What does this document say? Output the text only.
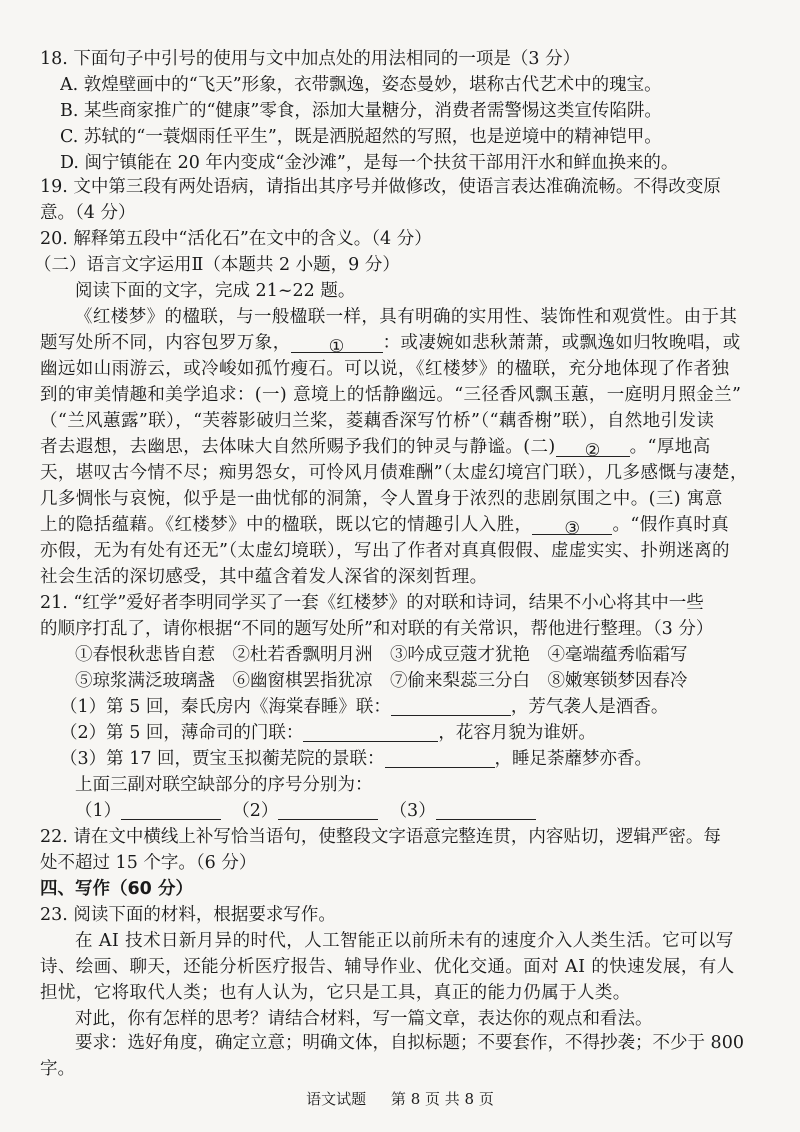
18. 下面句子中引号的使用与文中加点处的用法相同的一项是（3 分）
A. 敦煌壁画中的“飞天”形象，衣带飘逸，姿态曼妙，堪称古代艺术中的瑰宝。
B. 某些商家推广的“健康”零食，添加大量糖分，消费者需警惕这类宣传陷阱。
C. 苏轼的“一蓑烟雨任平生”，既是洒脱超然的写照，也是逆境中的精神铠甲。
D. 闽宁镇能在 20 年内变成“金沙滩”，是每一个扶贫干部用汗水和鲜血换来的。
19. 文中第三段有两处语病，请指出其序号并做修改，使语言表达准确流畅。不得改变原
意。（4 分）
20. 解释第五段中“活化石”在文中的含义。（4 分）
（二）语言文字运用Ⅱ（本题共 2 小题，9 分）
阅读下面的文字，完成 21~22 题。
《红楼梦》的楹联，与一般楹联一样，具有明确的实用性、装饰性和观赏性。由于其
题写处所不同，内容包罗万象， ① ：或凄婉如悲秋萧萧，或飘逸如归牧晚唱，或
幽远如山雨游云，或冷峻如孤竹瘦石。可以说，《红楼梦》的楹联，充分地体现了作者独
到的审美情趣和美学追求：(一) 意境上的恬静幽远。“三径香风飘玉蕙，一庭明月照金兰”
（“兰风蕙露”联），“芙蓉影破归兰桨，菱藕香深写竹桥”（“藕香榭”联），自然地引发读
者去遐想，去幽思，去体味大自然所赐予我们的钟灵与静谧。(二) ② 。“厚地高
天，堪叹古今情不尽；痴男怨女，可怜风月债难酬”（太虚幻境宫门联），几多感慨与凄楚，
几多惆怅与哀惋，似乎是一曲忧郁的洞箫，令人置身于浓烈的悲剧氛围之中。(三) 寓意
上的隐括蕴藉。《红楼梦》中的楹联，既以它的情趣引人入胜， ③ 。“假作真时真
亦假，无为有处有还无”（太虚幻境联），写出了作者对真真假假、虚虚实实、扑朔迷离的
社会生活的深切感受，其中蕴含着发人深省的深刻哲理。
21. “红学”爱好者李明同学买了一套《红楼梦》的对联和诗词，结果不小心将其中一些
的顺序打乱了，请你根据“不同的题写处所”和对联的有关常识，帮他进行整理。（3 分）
①春恨秋悲皆自惹　②杜若香飘明月洲　③吟成豆蔻才犹艳　④毫端蕴秀临霜写
⑤琼浆满泛玻璃盏　⑥幽窗棋罢指犹凉　⑦偷来梨蕊三分白　⑧嫩寒锁梦因春冷
（1）第 5 回，秦氏房内《海棠春睡》联：	，芳气袭人是酒香。
（2）第 5 回，薄命司的门联：	，花容月貌为谁妍。
（3）第 17 回，贾宝玉拟蘅芜院的景联：	，睡足荼蘼梦亦香。
上面三副对联空缺部分的序号分别为：
（1）	（2）	（3）
22. 请在文中横线上补写恰当语句，使整段文字语意完整连贯，内容贴切，逻辑严密。每
处不超过 15 个字。（6 分）
四、写作（60 分）
23. 阅读下面的材料，根据要求写作。
在 AI 技术日新月异的时代，人工智能正以前所未有的速度介入人类生活。它可以写
诗、绘画、聊天，还能分析医疗报告、辅导作业、优化交通。面对 AI 的快速发展，有人
担忧，它将取代人类；也有人认为，它只是工具，真正的能力仍属于人类。
对此，你有怎样的思考？请结合材料，写一篇文章，表达你的观点和看法。
要求：选好角度，确定立意；明确文体，自拟标题；不要套作，不得抄袭；不少于 800
字。
语文试题 第 8 页 共 8 页
